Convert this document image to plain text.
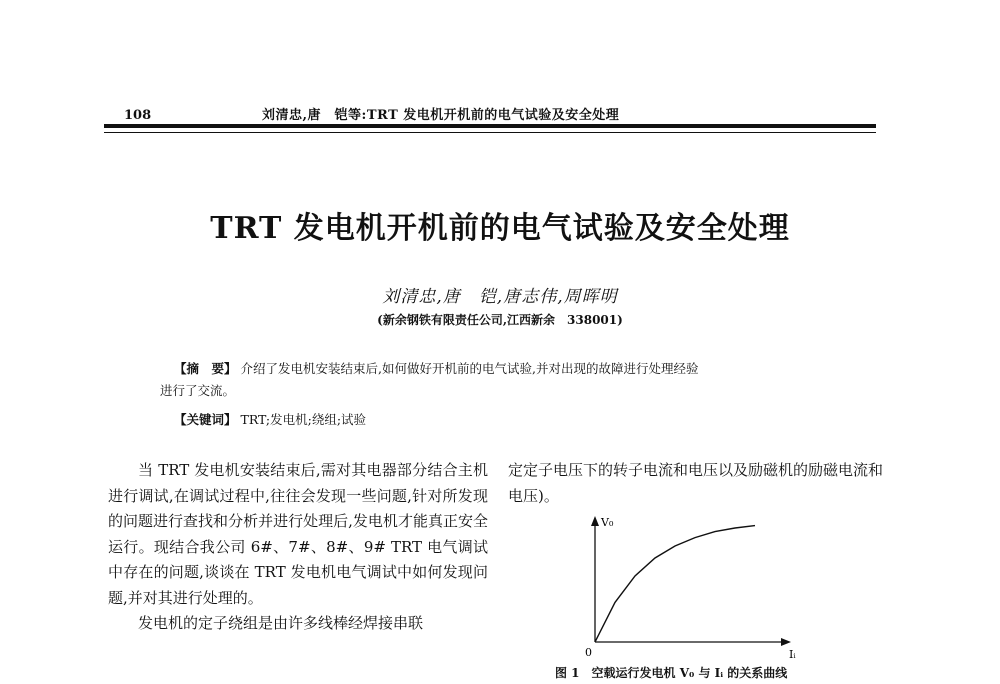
108	刘清忠,唐　铠等:TRT 发电机开机前的电气试验及安全处理
TRT 发电机开机前的电气试验及安全处理
刘清忠,唐　铠,唐志伟,周晖明
(新余钢铁有限责任公司,江西新余　338001)
【摘　要】 介绍了发电机安装结束后,如何做好开机前的电气试验,并对出现的故障进行处理经验
进行了交流。
【关键词】 TRT;发电机;绕组;试验

当 TRT 发电机安装结束后,需对其电器部分结合主机进行调试,在调试过程中,往往会发现一些问题,针对所发现的问题进行查找和分析并进行处理后,发电机才能真正安全运行。现结合我公司 6#、7#、8#、9# TRT 电气调试中存在的问题,谈谈在 TRT 发电机电气调试中如何发现问题,并对其进行处理的。

发电机的定子绕组是由许多线棒经焊接串联

定定子电压下的转子电流和电压以及励磁机的励磁电流和电压)。

V₀
0	Iᵢ
图 1　空载运行发电机 V₀ 与 Iᵢ 的关系曲线
